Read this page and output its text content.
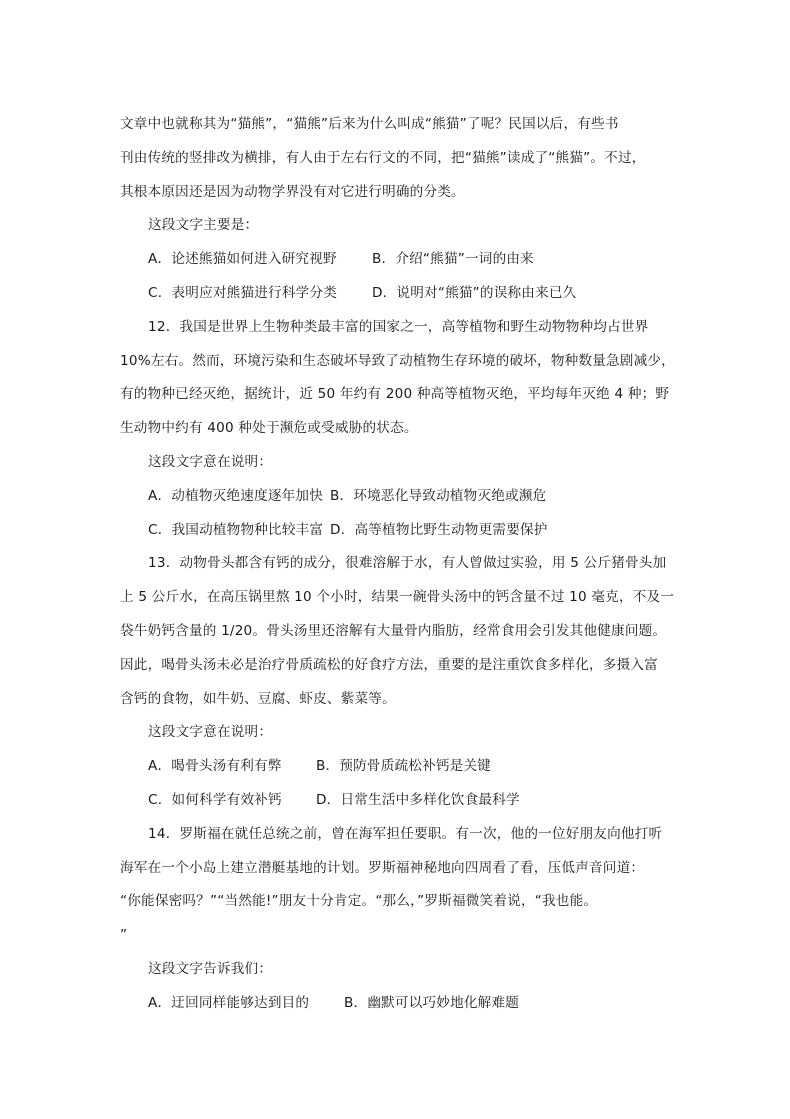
文章中也就称其为“猫熊”，“猫熊”后来为什么叫成“熊猫”了呢？民国以后，有些书
刊由传统的竖排改为横排，有人由于左右行文的不同，把“猫熊”读成了“熊猫”。不过，
其根本原因还是因为动物学界没有对它进行明确的分类。
这段文字主要是：
A．论述熊猫如何进入研究视野	B．介绍“熊猫”一词的由来
C．表明应对熊猫进行科学分类	D．说明对“熊猫”的误称由来已久
12．我国是世界上生物种类最丰富的国家之一，高等植物和野生动物物种均占世界
10%左右。然而，环境污染和生态破坏导致了动植物生存环境的破坏，物种数量急剧减少，
有的物种已经灭绝，据统计，近 50 年约有 200 种高等植物灭绝，平均每年灭绝 4 种；野
生动物中约有 400 种处于濒危或受威胁的状态。
这段文字意在说明：
A．动植物灭绝速度逐年加快 B．环境恶化导致动植物灭绝或濒危
C．我国动植物物种比较丰富 D．高等植物比野生动物更需要保护
13．动物骨头都含有钙的成分，很难溶解于水，有人曾做过实验，用 5 公斤猪骨头加
上 5 公斤水，在高压锅里熬 10 个小时，结果一碗骨头汤中的钙含量不过 10 毫克，不及一
袋牛奶钙含量的 1/20。骨头汤里还溶解有大量骨内脂肪，经常食用会引发其他健康问题。
因此，喝骨头汤未必是治疗骨质疏松的好食疗方法，重要的是注重饮食多样化，多摄入富
含钙的食物，如牛奶、豆腐、虾皮、紫菜等。
这段文字意在说明：
A．喝骨头汤有利有弊	B．预防骨质疏松补钙是关键
C．如何科学有效补钙	D．日常生活中多样化饮食最科学
14．罗斯福在就任总统之前，曾在海军担任要职。有一次，他的一位好朋友向他打听
海军在一个小岛上建立潜艇基地的计划。罗斯福神秘地向四周看了看，压低声音问道：
“你能保密吗？”“当然能!”朋友十分肯定。“那么，”罗斯福微笑着说，“我也能。
”
这段文字告诉我们：
A．迂回同样能够达到目的	B．幽默可以巧妙地化解难题
